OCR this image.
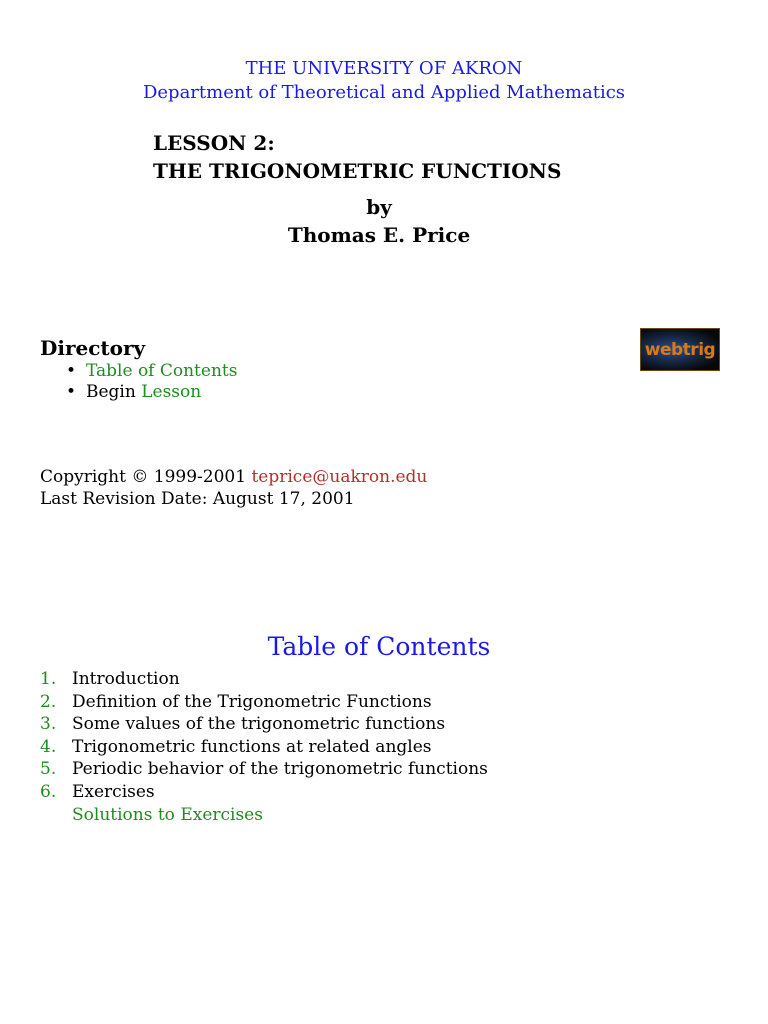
THE UNIVERSITY OF AKRON
Department of Theoretical and Applied Mathematics
LESSON 2:
THE TRIGONOMETRIC FUNCTIONS
by
Thomas E. Price
webtrig
Directory
• Table of Contents
• Begin Lesson
Copyright © 1999-2001 teprice@uakron.edu
Last Revision Date: August 17, 2001
Table of Contents
1. Introduction
2. Definition of the Trigonometric Functions
3. Some values of the trigonometric functions
4. Trigonometric functions at related angles
5. Periodic behavior of the trigonometric functions
6. Exercises
Solutions to Exercises
